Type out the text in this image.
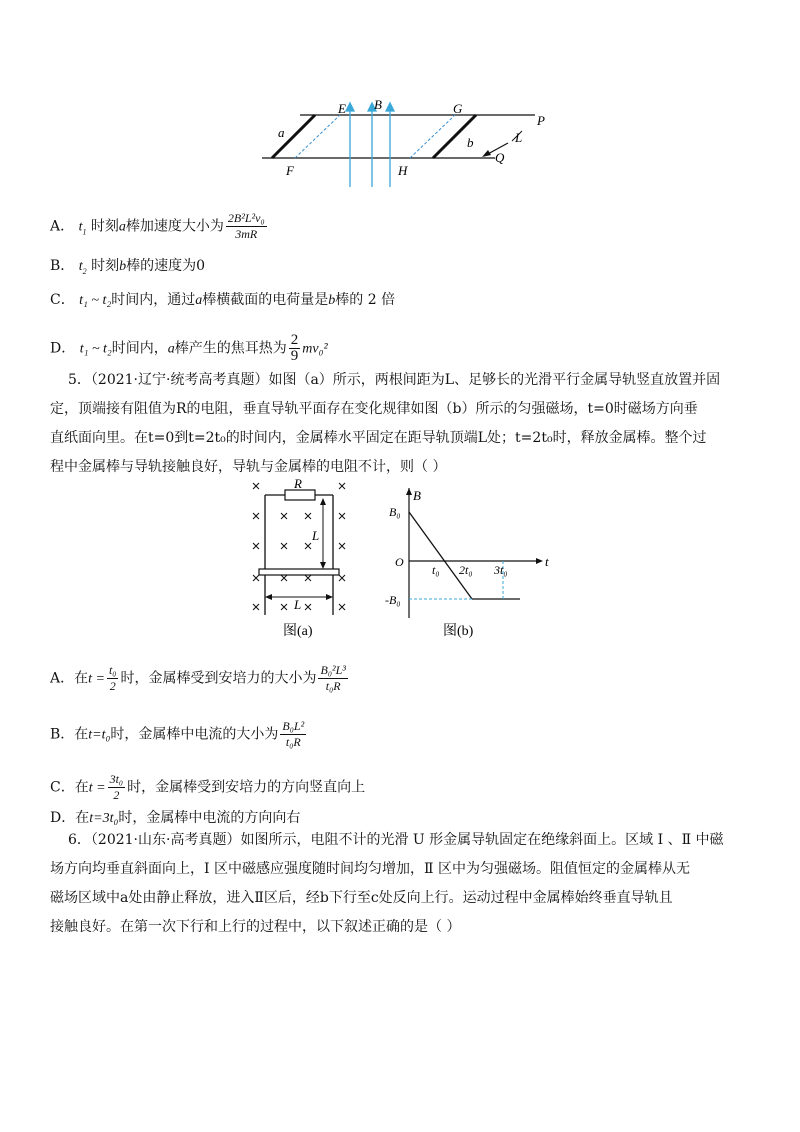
B
E	G
P
a
b	L
Q
F	H
A． $t_1$ 时刻a棒加速度大小为 $\frac{\text{2B²L²v₀}}{3mR}$
B． $t_2$ 时刻b棒的速度为0
C． t₁ ~ t₂时间内，通过a棒横截面的电荷量是b棒的 2 倍
D． t₁ ~ t₂时间内，a棒产生的焦耳热为 $\frac{2}{9} mv_0^2$
5．（2021·辽宁·统考高考真题）如图（a）所示，两根间距为L、足够长的光滑平行金属导轨竖直放置并固
定，顶端接有阻值为R的电阻，垂直导轨平面存在变化规律如图（b）所示的匀强磁场，t=0时磁场方向垂
直纸面向里。在t=0到t=2t₀的时间内，金属棒水平固定在距导轨顶端L处；t=2t₀时，释放金属棒。整个过
程中金属棒与导轨接触良好，导轨与金属棒的电阻不计，则（ ）
R
L
L
图(a)
B
B₀
O
t₀ 2t₀ 3t₀
t
-B₀
图(b)
A．在$t = \frac{\text{t₀}}{2}$ 时，金属棒受到安培力的大小为 $\frac{\text{B₀²L³}}{\text{t₀R}}$
B．在t=t₀时，金属棒中电流的大小为 $\frac{\text{B₀L²}}{\text{t₀R}}$
C．在$t = \frac{\text{3t₀}}{2}$ 时，金属棒受到安培力的方向竖直向上
D．在t=3t₀时，金属棒中电流的方向向右
6．（2021·山东·高考真题）如图所示，电阻不计的光滑 U 形金属导轨固定在绝缘斜面上。区域 Ⅰ 、Ⅱ 中磁
场方向均垂直斜面向上，Ⅰ 区中磁感应强度随时间均匀增加，Ⅱ 区中为匀强磁场。阻值恒定的金属棒从无
磁场区域中a处由静止释放，进入Ⅱ区后，经b下行至c处反向上行。运动过程中金属棒始终垂直导轨且
接触良好。在第一次下行和上行的过程中，以下叙述正确的是（ ）
